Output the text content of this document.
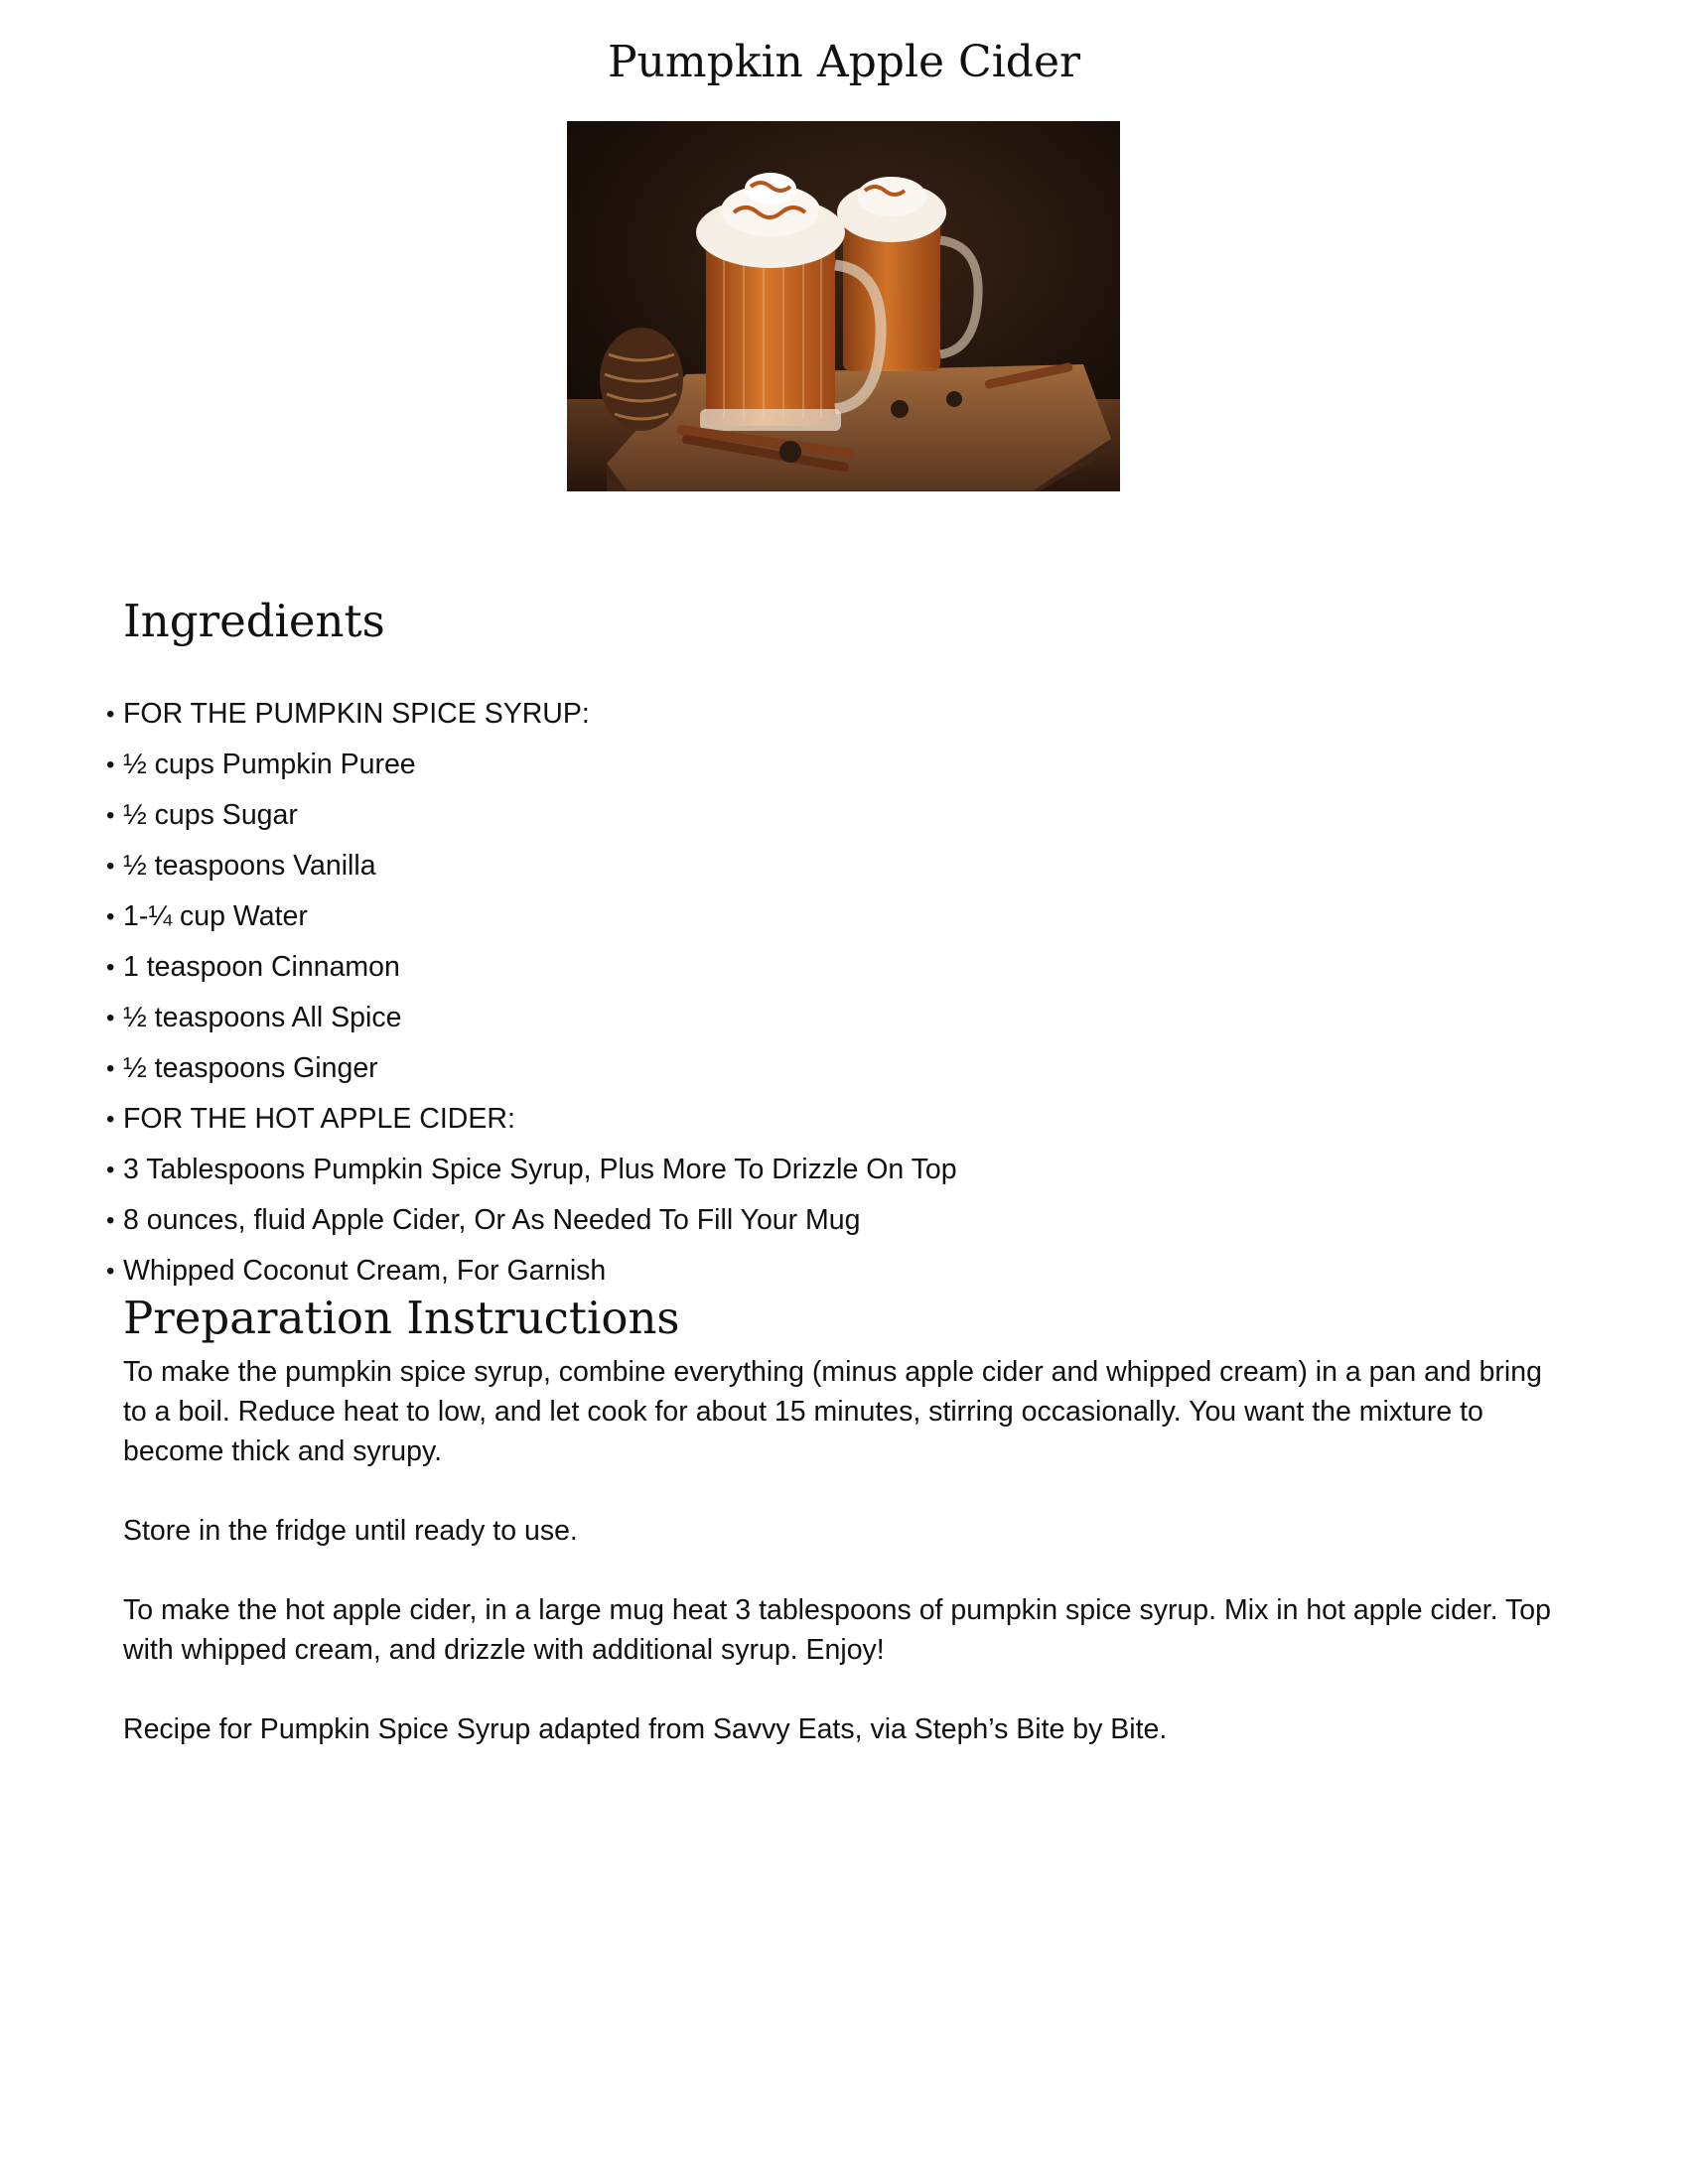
Pumpkin Apple Cider
Ingredients
• FOR THE PUMPKIN SPICE SYRUP:
• ½ cups Pumpkin Puree
• ½ cups Sugar
• ½ teaspoons Vanilla
• 1-¼ cup Water
• 1 teaspoon Cinnamon
• ½ teaspoons All Spice
• ½ teaspoons Ginger
• FOR THE HOT APPLE CIDER:
• 3 Tablespoons Pumpkin Spice Syrup, Plus More To Drizzle On Top
• 8 ounces, fluid Apple Cider, Or As Needed To Fill Your Mug
• Whipped Coconut Cream, For Garnish
Preparation Instructions

To make the pumpkin spice syrup, combine everything (minus apple cider and whipped cream) in a pan and bring to a boil. Reduce heat to low, and let cook for about 15 minutes, stirring occasionally. You want the mixture to become thick and syrupy.

Store in the fridge until ready to use.

To make the hot apple cider, in a large mug heat 3 tablespoons of pumpkin spice syrup. Mix in hot apple cider. Top with whipped cream, and drizzle with additional syrup. Enjoy!

Recipe for Pumpkin Spice Syrup adapted from Savvy Eats, via Steph’s Bite by Bite.
